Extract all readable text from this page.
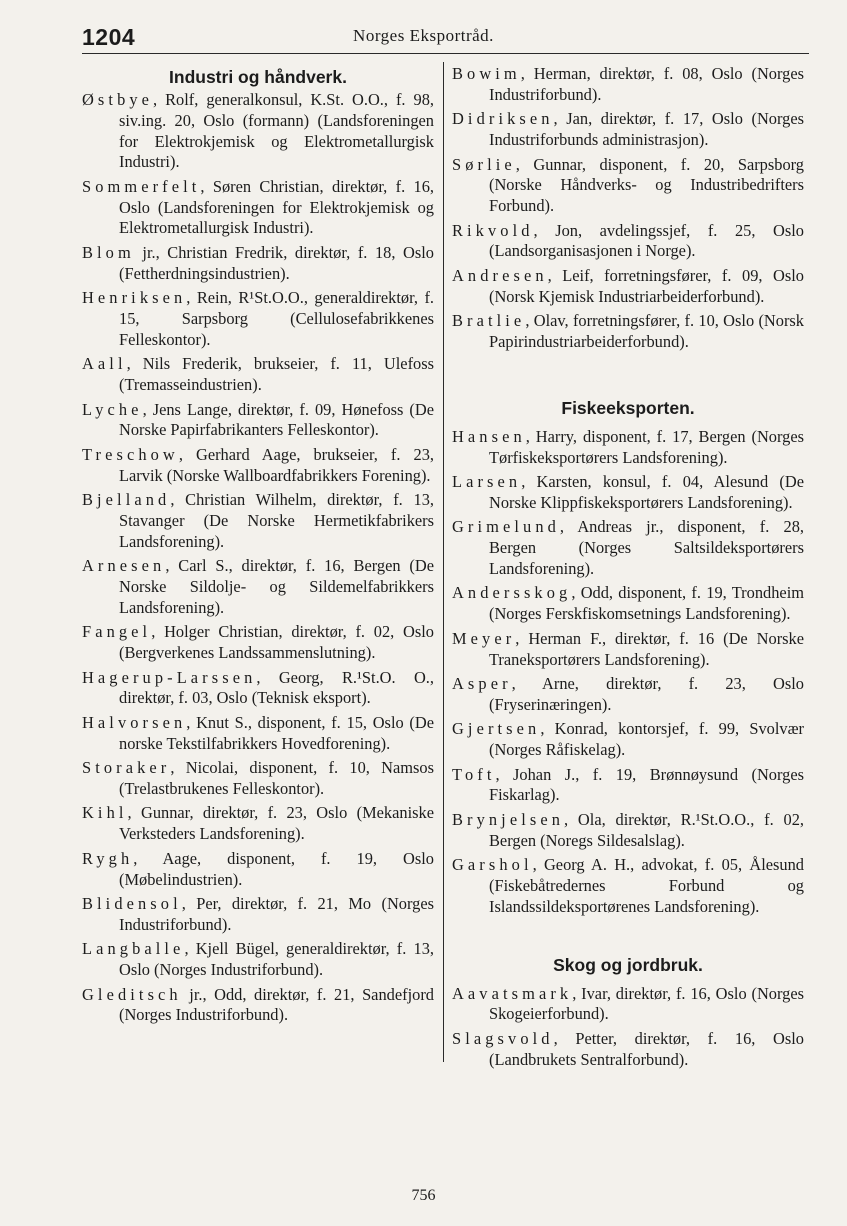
1204	Norges Eksportråd.

Industri og håndverk.

Østbye, Rolf, generalkonsul, K.St. O.O., f. 98, siv.ing. 20, Oslo (formann) (Landsforeningen for Elektrokjemisk og Elektrometallurgisk Industri).

Sommerfelt, Søren Christian, direktør, f. 16, Oslo (Landsforeningen for Elektrokjemisk og Elektrometallurgisk Industri).

Blom jr., Christian Fredrik, direktør, f. 18, Oslo (Fettherdningsindustrien).

Henriksen, Rein, R¹St.O.O., generaldirektør, f. 15, Sarpsborg (Cellulosefabrikkenes Felleskontor).

Aall, Nils Frederik, brukseier, f. 11, Ulefoss (Tremasseindustrien).

Lyche, Jens Lange, direktør, f. 09, Hønefoss (De Norske Papirfabrikanters Felleskontor).

Treschow, Gerhard Aage, brukseier, f. 23, Larvik (Norske Wallboardfabrikkers Forening).

Bjelland, Christian Wilhelm, direktør, f. 13, Stavanger (De Norske Hermetikfabrikers Landsforening).

Arnesen, Carl S., direktør, f. 16, Bergen (De Norske Sildolje- og Sildemelfabrikkers Landsforening).

Fangel, Holger Christian, direktør, f. 02, Oslo (Bergverkenes Landssammenslutning).

Hagerup-Larssen, Georg, R.¹St.O. O., direktør, f. 03, Oslo (Teknisk eksport).

Halvorsen, Knut S., disponent, f. 15, Oslo (De norske Tekstilfabrikkers Hovedforening).

Storaker, Nicolai, disponent, f. 10, Namsos (Trelastbrukenes Felleskontor).

Kihl, Gunnar, direktør, f. 23, Oslo (Mekaniske Verksteders Landsforening).

Rygh, Aage, disponent, f. 19, Oslo (Møbelindustrien).

Blidensol, Per, direktør, f. 21, Mo (Norges Industriforbund).

Langballe, Kjell Bügel, generaldirektør, f. 13, Oslo (Norges Industriforbund).

Gleditsch jr., Odd, direktør, f. 21, Sandefjord (Norges Industriforbund).

Bowim, Herman, direktør, f. 08, Oslo (Norges Industriforbund).

Didriksen, Jan, direktør, f. 17, Oslo (Norges Industriforbunds administrasjon).

Sørlie, Gunnar, disponent, f. 20, Sarpsborg (Norske Håndverks- og Industribedrifters Forbund).

Rikvold, Jon, avdelingssjef, f. 25, Oslo (Landsorganisasjonen i Norge).

Andresen, Leif, forretningsfører, f. 09, Oslo (Norsk Kjemisk Industriarbeiderforbund).

Bratlie, Olav, forretningsfører, f. 10, Oslo (Norsk Papirindustriarbeiderforbund).

Fiskeeksporten.

Hansen, Harry, disponent, f. 17, Bergen (Norges Tørfiskeksportørers Landsforening).

Larsen, Karsten, konsul, f. 04, Alesund (De Norske Klippfiskeksportørers Landsforening).

Grimelund, Andreas jr., disponent, f. 28, Bergen (Norges Saltsildeksportørers Landsforening).

Andersskog, Odd, disponent, f. 19, Trondheim (Norges Ferskfiskomsetnings Landsforening).

Meyer, Herman F., direktør, f. 16 (De Norske Traneksportørers Landsforening).

Asper, Arne, direktør, f. 23, Oslo (Fryserinæringen).

Gjertsen, Konrad, kontorsjef, f. 99, Svolvær (Norges Råfiskelag).

Toft, Johan J., f. 19, Brønnøysund (Norges Fiskarlag).

Brynjelsen, Ola, direktør, R.¹St.O.O., f. 02, Bergen (Noregs Sildesalslag).

Garshol, Georg A. H., advokat, f. 05, Ålesund (Fiskebåtredernes Forbund og Islandssildeksportørenes Landsforening).

Skog og jordbruk.

Aavatsmark, Ivar, direktør, f. 16, Oslo (Norges Skogeierforbund).

Slagsvold, Petter, direktør, f. 16, Oslo (Landbrukets Sentralforbund).

756
